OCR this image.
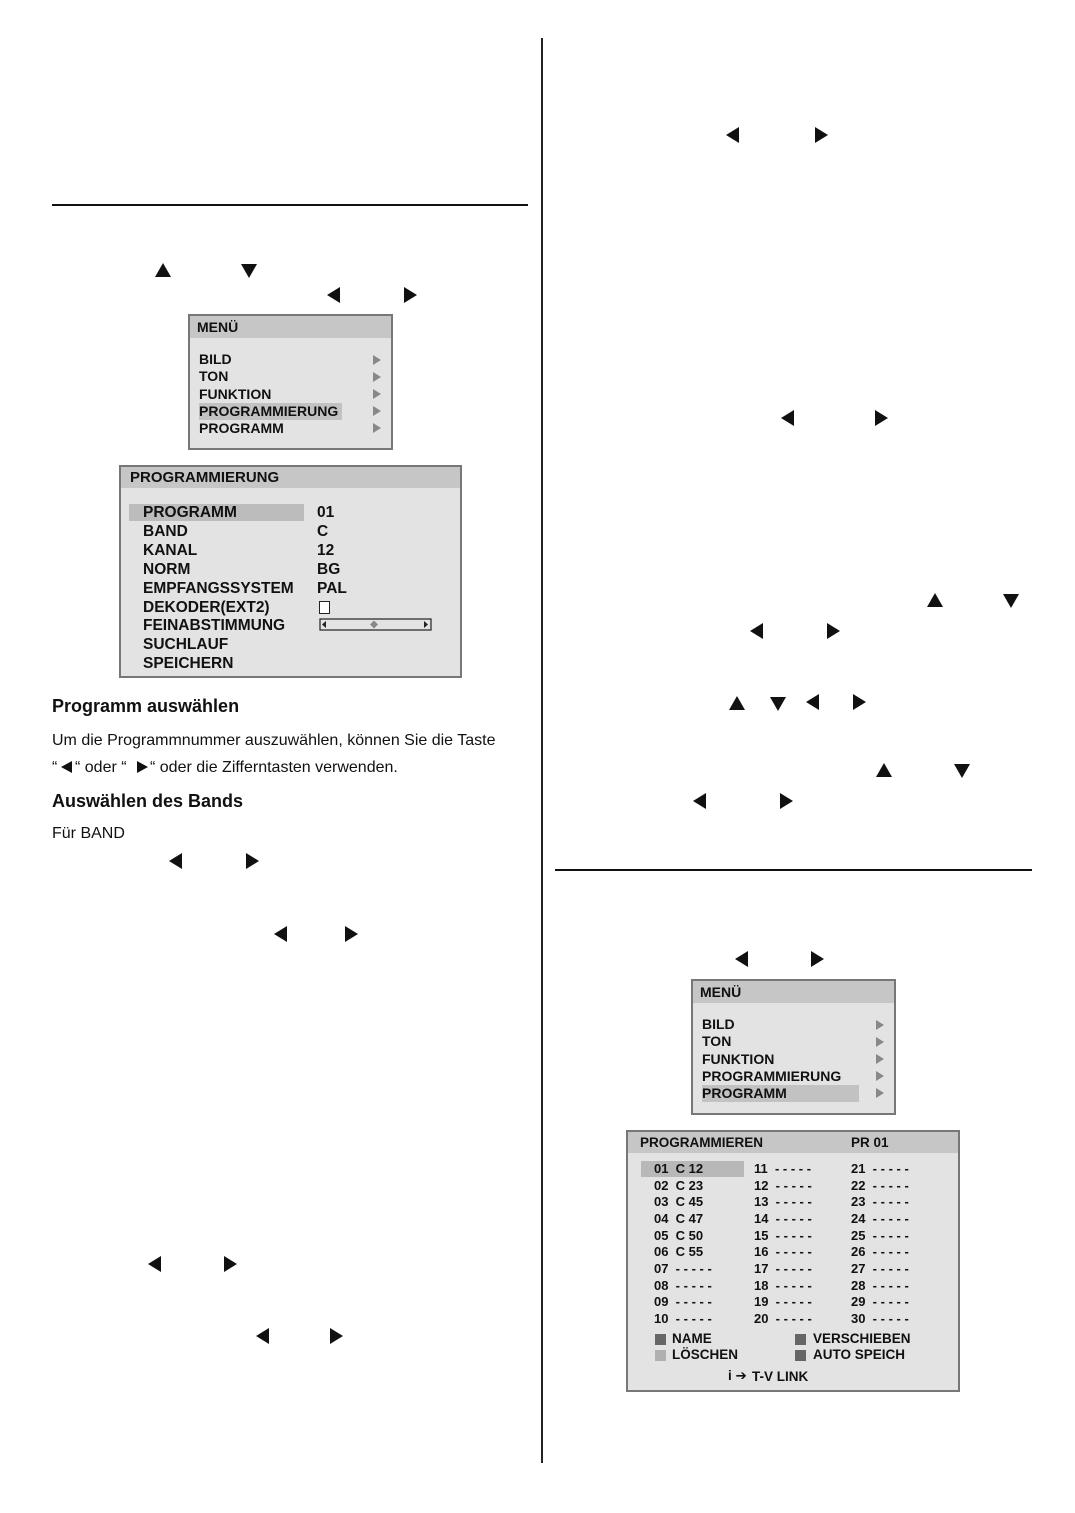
MENÜ
BILD
TON
FUNKTION
PROGRAMMIERUNG
PROGRAMM
PROGRAMMIERUNG
PROGRAMM
BAND
KANAL
NORM
EMPFANGSSYSTEM
DEKODER(EXT2)
FEINABSTIMMUNG
SUCHLAUF
SPEICHERN
01
C
12
BG
PAL
Programm auswählen
Um die Programmnummer auszuwählen, können Sie die Taste
“ “ oder “ “ oder die Zifferntasten verwenden.
Auswählen des Bands
Für BAND
MENÜ
BILD
TON
FUNKTION
PROGRAMMIERUNG
PROGRAMM
PROGRAMMIEREN	PR 01
01  C 12
02  C 23
03  C 45
04  C 47
05  C 50
06  C 55
07  - - - - -
08  - - - - -
09  - - - - -
10  - - - - -
11  - - - - -
12  - - - - -
13  - - - - -
14  - - - - -
15  - - - - -
16  - - - - -
17  - - - - -
18  - - - - -
19  - - - - -
20  - - - - -
21  - - - - -
22  - - - - -
23  - - - - -
24  - - - - -
25  - - - - -
26  - - - - -
27  - - - - -
28  - - - - -
29  - - - - -
30  - - - - -
NAME
LÖSCHEN
VERSCHIEBEN
AUTO SPEICH
i ➔ T-V LINK
